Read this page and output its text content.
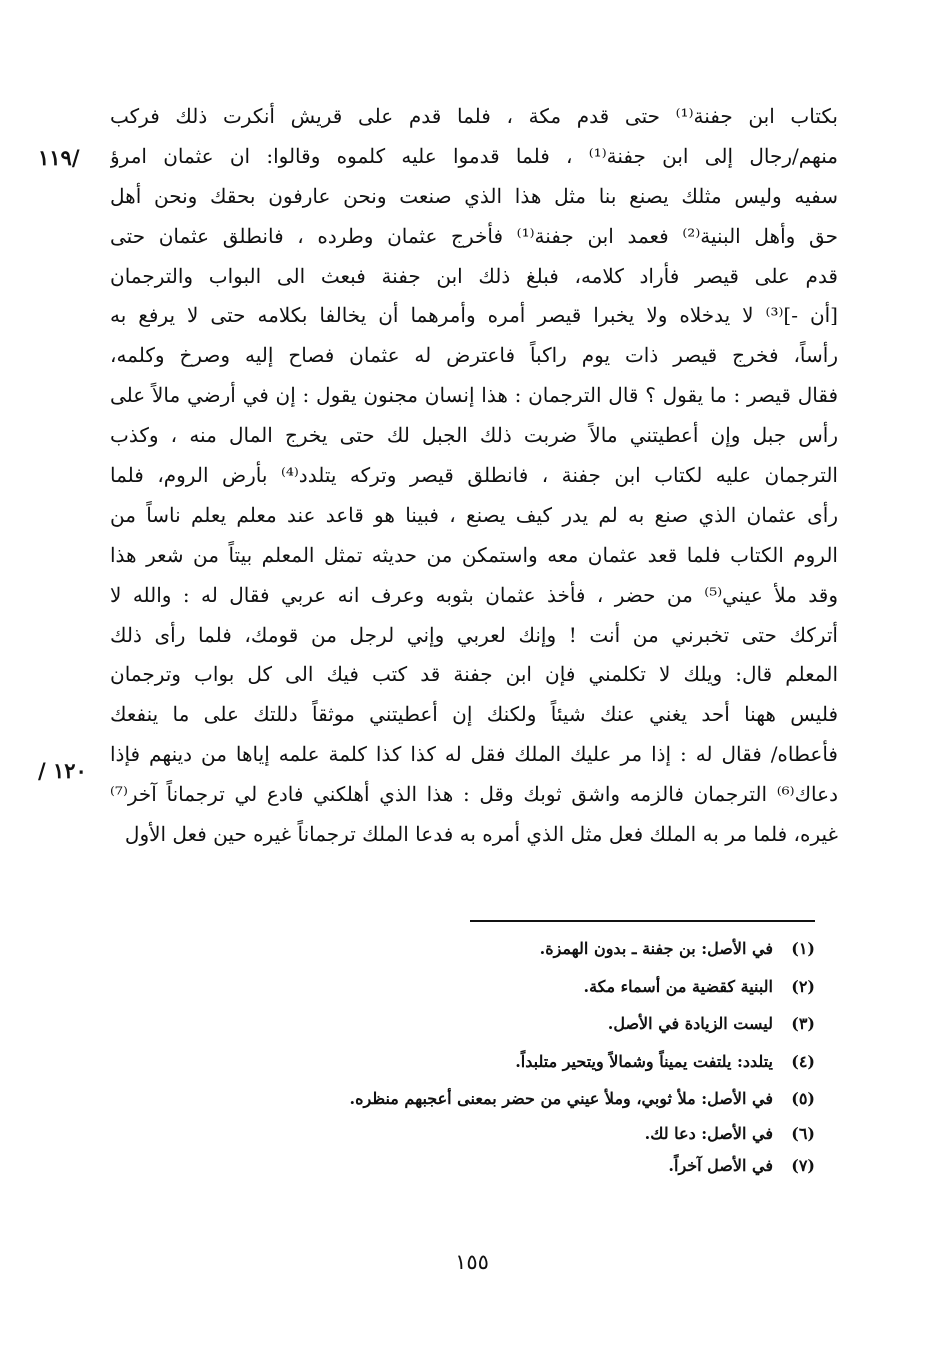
بكتاب ابن جفنة⁽¹⁾ حتى قدم مكة ، فلما قدم على قريش أنكرت ذلك فركب
منهم/رجال إلى ابن جفنة⁽¹⁾ ، فلما قدموا عليه كلموه وقالوا: ان عثمان امرؤ
سفيه وليس مثلك يصنع بنا مثل هذا الذي صنعت ونحن عارفون بحقك ونحن أهل
حق وأهل البنية⁽²⁾ فعمد ابن جفنة⁽¹⁾ فأخرج عثمان وطرده ، فانطلق عثمان حتى
قدم على قيصر فأراد كلامه، فبلغ ذلك ابن جفنة فبعث الى البواب والترجمان
[أن -]⁽³⁾ لا يدخلاه ولا يخبرا قيصر أمره وأمرهما أن يخالفا بكلامه حتى لا يرفع به
رأساً، فخرج قيصر ذات يوم راكباً فاعترض له عثمان فصاح إليه وصرخ وكلمه،
فقال قيصر : ما يقول ؟ قال الترجمان : هذا إنسان مجنون يقول : إن في أرضي مالاً على
رأس جبل وإن أعطيتني مالاً ضربت ذلك الجبل لك حتى يخرج المال منه ، وكذب
الترجمان عليه لكتاب ابن جفنة ، فانطلق قيصر وتركه يتلدد⁽⁴⁾ بأرض الروم، فلما
رأى عثمان الذي صنع به لم يدر كيف يصنع ، فبينا هو قاعد عند معلم يعلم ناساً من
الروم الكتاب فلما قعد عثمان معه واستمكن من حديثه تمثل المعلم بيتاً من شعر هذا
وقد ملأ عيني⁽⁵⁾ من حضر ، فأخذ عثمان بثوبه وعرف انه عربي فقال له : والله لا
أتركك حتى تخبرني من أنت ! وإنك لعربي وإني لرجل من قومك، فلما رأى ذلك
المعلم قال: ويلك لا تكلمني فإن ابن جفنة قد كتب فيك الى كل بواب وترجمان
فليس ههنا أحد يغني عنك شيئاً ولكنك إن أعطيتني موثقاً دللتك على ما ينفعك
فأعطاه/ فقال له : إذا مر عليك الملك فقل له كذا كذا كلمة علمه إياها من دينهم فإذا
دعاك⁽⁶⁾ الترجمان فالزمه واشق ثوبك وقل : هذا الذي أهلكني فادع لي ترجماناً آخر⁽⁷⁾
غيره، فلما مر به الملك فعل مثل الذي أمره به فدعا الملك ترجماناً غيره حين فعل الأول
١١٩/
/ ١٢٠
(١)في الأصل: بن جفنة ـ بدون الهمزة.
(٢)البنية كقضية من أسماء مكة.
(٣)ليست الزيادة في الأصل.
(٤)يتلدد: يلتفت يميناً وشمالاً ويتحير متلبداً.
(٥)في الأصل: ملأ ثوبي، وملأ عيني من حضر بمعنى أعجبهم منظره.
(٦)في الأصل: دعا لك.
(٧)في الأصل آخراً.
١٥٥
